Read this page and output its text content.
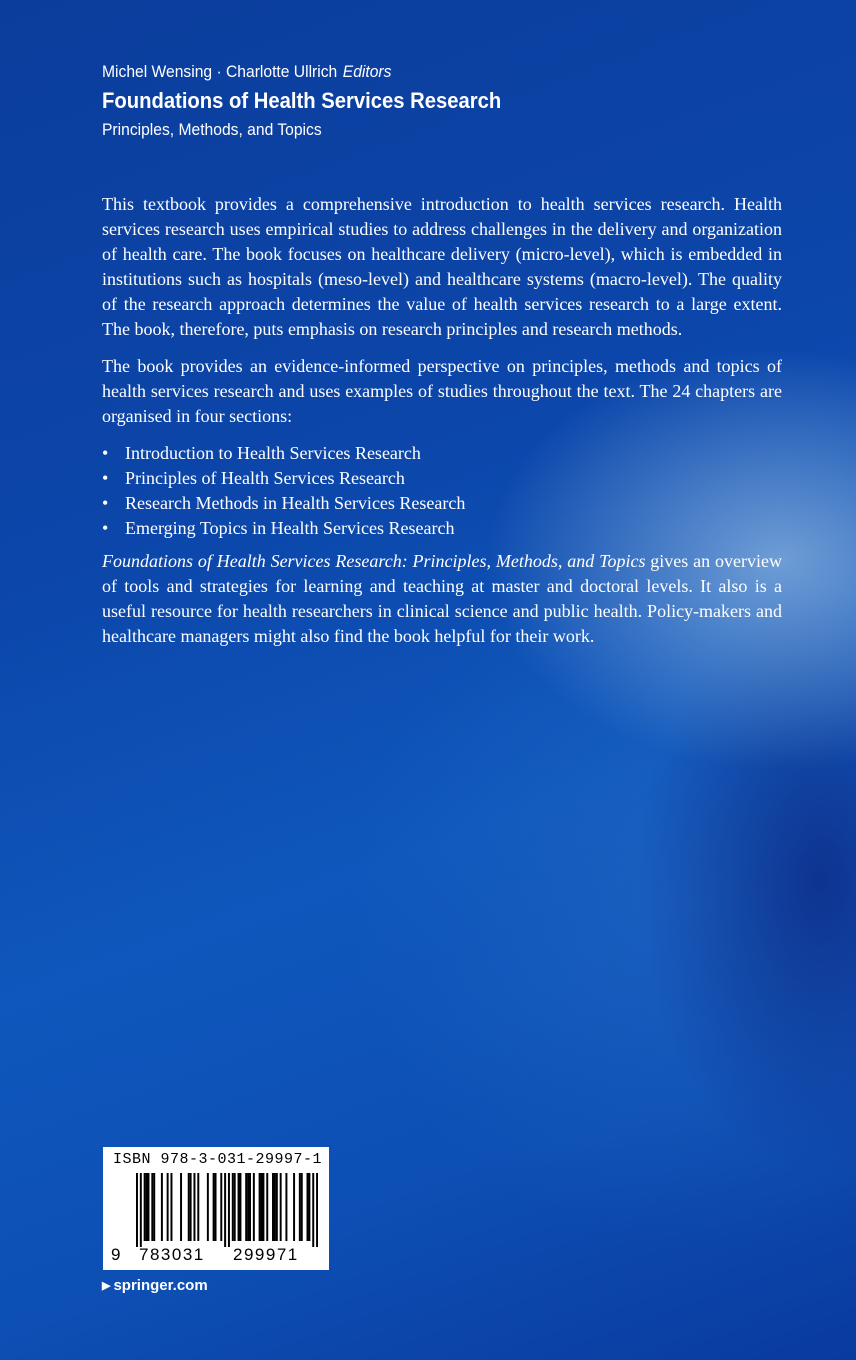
Michel Wensing · Charlotte Ullrich Editors
Foundations of Health Services Research
Principles, Methods, and Topics

This textbook provides a comprehensive introduction to health services research. Health services research uses empirical studies to address challenges in the delivery and organization of health care. The book focuses on healthcare delivery (micro-level), which is embedded in institutions such as hospitals (meso-level) and healthcare systems (macro-level). The quality of the research approach determines the value of health services research to a large extent. The book, therefore, puts emphasis on research principles and research methods.

The book provides an evidence-informed perspective on principles, methods and topics of health services research and uses examples of studies throughout the text. The 24 chapters are organised in four sections:

• Introduction to Health Services Research
• Principles of Health Services Research
• Research Methods in Health Services Research
• Emerging Topics in Health Services Research

Foundations of Health Services Research: Principles, Methods, and Topics gives an overview of tools and strategies for learning and teaching at master and doctoral levels. It also is a useful resource for health researchers in clinical science and public health. Policy-makers and healthcare managers might also find the book helpful for their work.

ISBN 978-3-031-29997-1
9 783031 299971
▶ springer.com
